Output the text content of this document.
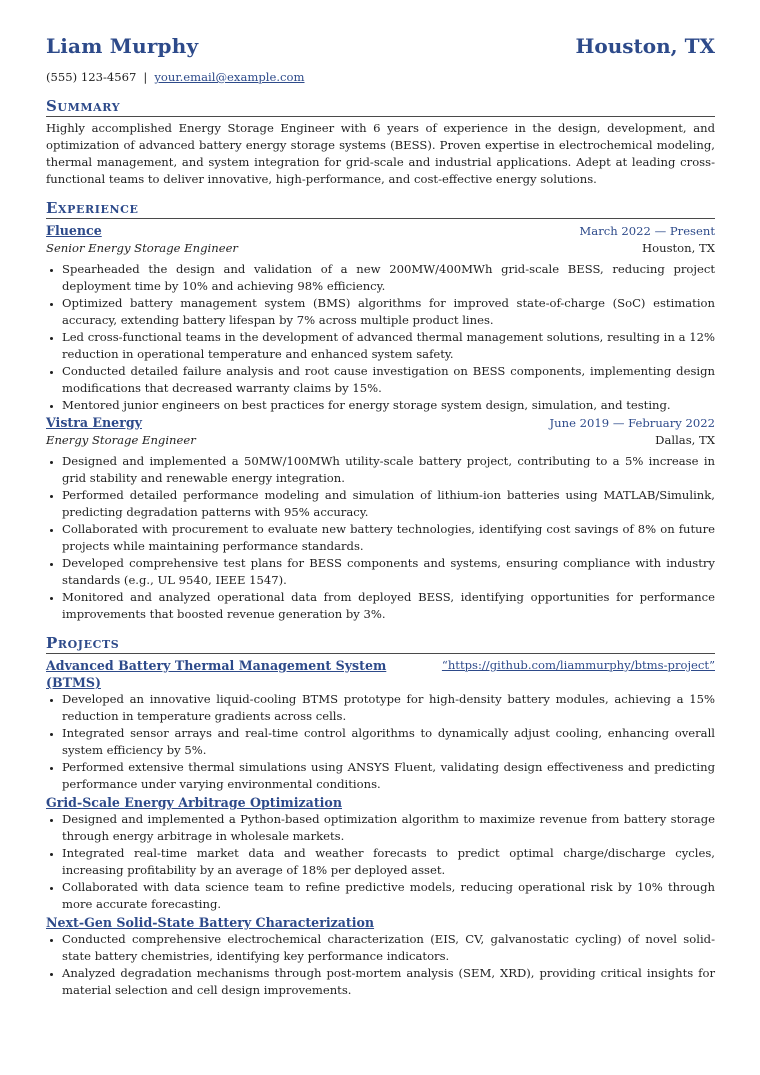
Liam Murphy	Houston, TX
(555) 123-4567 | your.email@example.com
Summary
Highly accomplished Energy Storage Engineer with 6 years of experience in the design, development, and optimization of advanced battery energy storage systems (BESS). Proven expertise in electrochemical modeling, thermal management, and system integration for grid-scale and industrial applications. Adept at leading cross-functional teams to deliver innovative, high-performance, and cost-effective energy solutions.
Experience
Fluence	March 2022 — Present
Senior Energy Storage Engineer	Houston, TX
• Spearheaded the design and validation of a new 200MW/400MWh grid-scale BESS, reducing project deployment time by 10% and achieving 98% efficiency.
• Optimized battery management system (BMS) algorithms for improved state-of-charge (SoC) estimation accuracy, extending battery lifespan by 7% across multiple product lines.
• Led cross-functional teams in the development of advanced thermal management solutions, resulting in a 12% reduction in operational temperature and enhanced system safety.
• Conducted detailed failure analysis and root cause investigation on BESS components, implementing design modifications that decreased warranty claims by 15%.
• Mentored junior engineers on best practices for energy storage system design, simulation, and testing.
Vistra Energy	June 2019 — February 2022
Energy Storage Engineer	Dallas, TX
• Designed and implemented a 50MW/100MWh utility-scale battery project, contributing to a 5% increase in grid stability and renewable energy integration.
• Performed detailed performance modeling and simulation of lithium-ion batteries using MATLAB/Simulink, predicting degradation patterns with 95% accuracy.
• Collaborated with procurement to evaluate new battery technologies, identifying cost savings of 8% on future projects while maintaining performance standards.
• Developed comprehensive test plans for BESS components and systems, ensuring compliance with industry standards (e.g., UL 9540, IEEE 1547).
• Monitored and analyzed operational data from deployed BESS, identifying opportunities for performance improvements that boosted revenue generation by 3%.
Projects
Advanced Battery Thermal Management System (BTMS)
“https://github.com/liammurphy/btms-project”
• Developed an innovative liquid-cooling BTMS prototype for high-density battery modules, achieving a 15% reduction in temperature gradients across cells.
• Integrated sensor arrays and real-time control algorithms to dynamically adjust cooling, enhancing overall system efficiency by 5%.
• Performed extensive thermal simulations using ANSYS Fluent, validating design effectiveness and predicting performance under varying environmental conditions.
Grid-Scale Energy Arbitrage Optimization
• Designed and implemented a Python-based optimization algorithm to maximize revenue from battery storage through energy arbitrage in wholesale markets.
• Integrated real-time market data and weather forecasts to predict optimal charge/discharge cycles, increasing profitability by an average of 18% per deployed asset.
• Collaborated with data science team to refine predictive models, reducing operational risk by 10% through more accurate forecasting.
Next-Gen Solid-State Battery Characterization
• Conducted comprehensive electrochemical characterization (EIS, CV, galvanostatic cycling) of novel solid-state battery chemistries, identifying key performance indicators.
• Analyzed degradation mechanisms through post-mortem analysis (SEM, XRD), providing critical insights for material selection and cell design improvements.
